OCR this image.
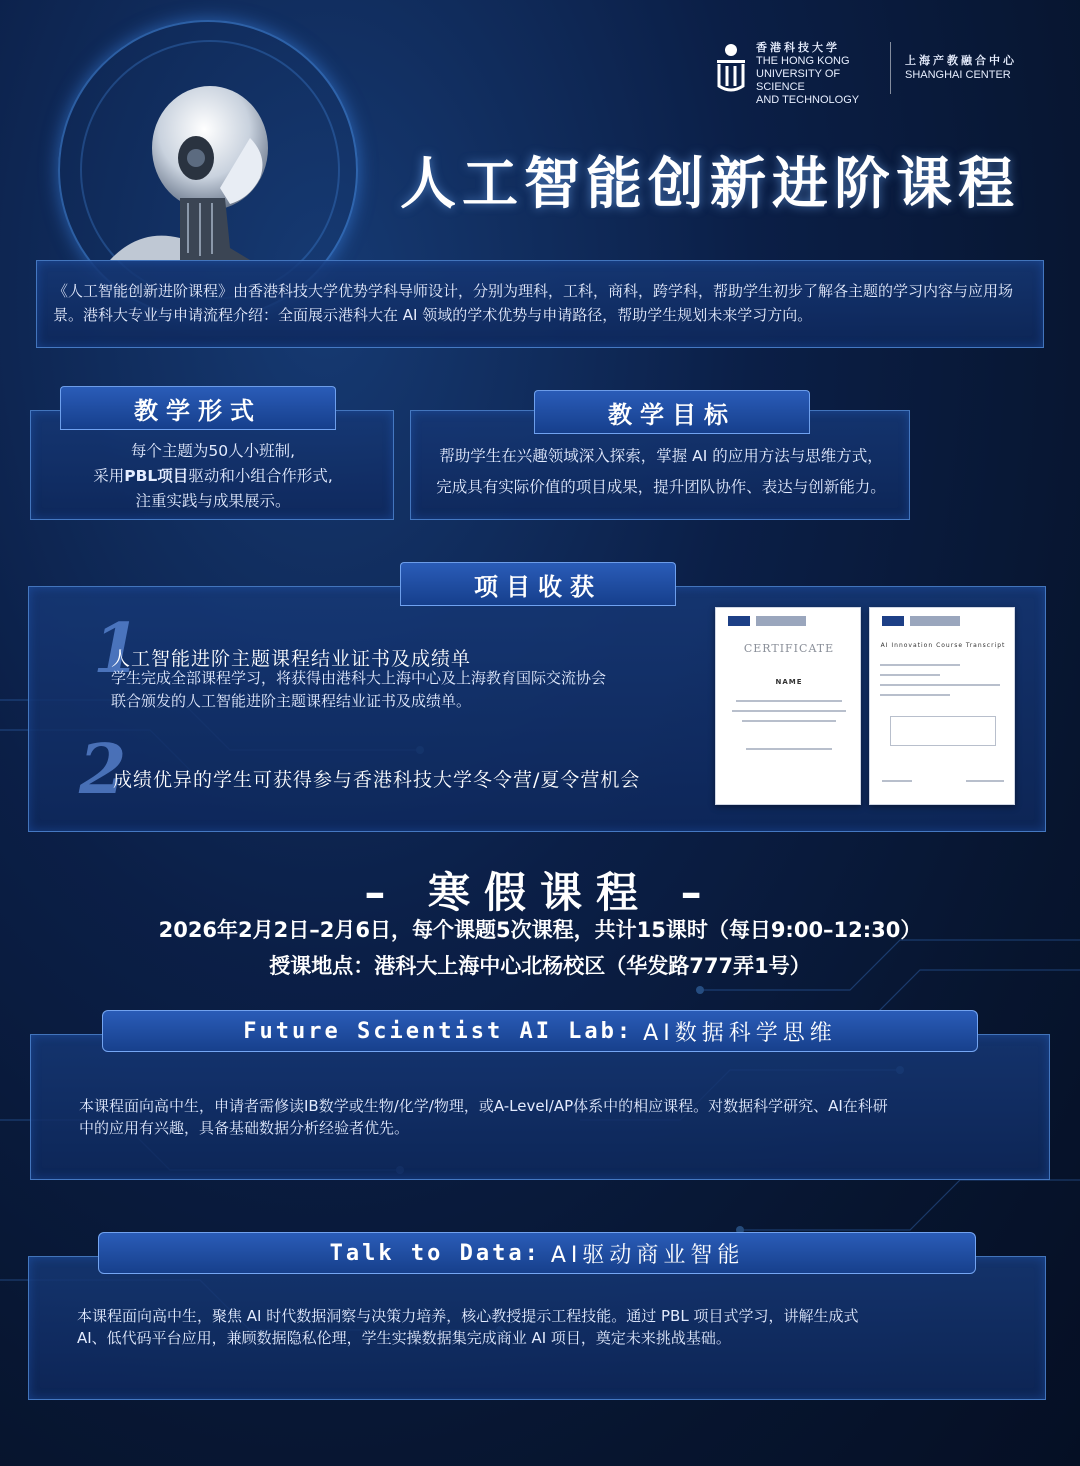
香港科技大学
THE HONG KONG
UNIVERSITY OF SCIENCE
AND TECHNOLOGY
上海产教融合中心
SHANGHAI CENTER
人工智能创新进阶课程
《人工智能创新进阶课程》由香港科技大学优势学科导师设计，分别为理科，工科，商科，跨学科，帮助学生初步了解各主题的学习内容与应用场景。港科大专业与申请流程介绍：全面展示港科大在 AI 领域的学术优势与申请路径，帮助学生规划未来学习方向。
每个主题为50人小班制,
采用PBL项目驱动和小组合作形式,
注重实践与成果展示。
教学形式
帮助学生在兴趣领域深入探索，掌握 AI 的应用方法与思维方式，
完成具有实际价值的项目成果，提升团队协作、表达与创新能力。
教学目标
1
人工智能进阶主题课程结业证书及成绩单
学生完成全部课程学习，将获得由港科大上海中心及上海教育国际交流协会
联合颁发的人工智能进阶主题课程结业证书及成绩单。
2
成绩优异的学生可获得参与香港科技大学冬令营/夏令营机会
CERTIFICATE
NAME
AI Innovation Course Transcript
项目收获
– 寒假课程 –
2026年2月2日–2月6日，每个课题5次课程，共计15课时（每日9:00–12:30）
授课地点：港科大上海中心北杨校区（华发路777弄1号）
本课程面向高中生，申请者需修读IB数学或生物/化学/物理，或A-Level/AP体系中的相应课程。对数据科学研究、AI在科研中的应用有兴趣，具备基础数据分析经验者优先。
Future Scientist AI Lab: AI数据科学思维
本课程面向高中生，聚焦 AI 时代数据洞察与决策力培养，核心教授提示工程技能。通过 PBL 项目式学习，讲解生成式 AI、低代码平台应用，兼顾数据隐私伦理，学生实操数据集完成商业 AI 项目，奠定未来挑战基础。
Talk to Data: AI驱动商业智能
